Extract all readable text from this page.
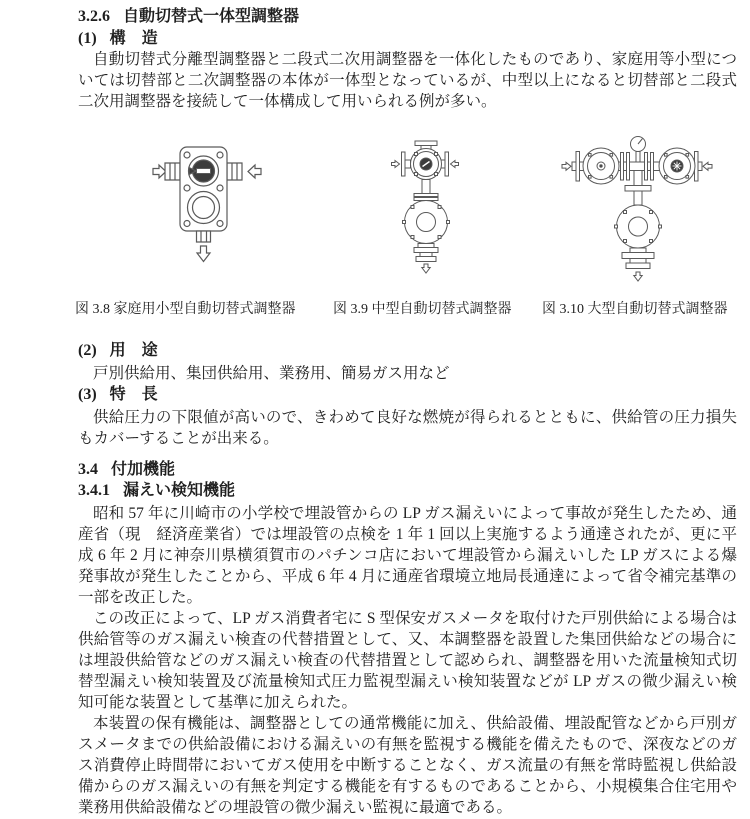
3.2.6 自動切替式一体型調整器
(1) 構　造

自動切替式分離型調整器と二段式二次用調整器を一体化したものであり、家庭用等小型については切替部と二次調整器の本体が一体型となっているが、中型以上になると切替部と二段式二次用調整器を接続して一体構成して用いられる例が多い。

図 3.8 家庭用小型自動切替式調整器	図 3.9 中型自動切替式調整器 図 3.10 大型自動切替式調整器
(2) 用　途

戸別供給用、集団供給用、業務用、簡易ガス用など

(3) 特　長

供給圧力の下限値が高いので、きわめて良好な燃焼が得られるとともに、供給管の圧力損失もカバーすることが出来る。

3.4 付加機能
3.4.1 漏えい検知機能

昭和 57 年に川崎市の小学校で埋設管からの LP ガス漏えいによって事故が発生したため、通産省（現　経済産業省）では埋設管の点検を 1 年 1 回以上実施するよう通達されたが、更に平成 6 年 2 月に神奈川県横須賀市のパチンコ店において埋設管から漏えいした LP ガスによる爆発事故が発生したことから、平成 6 年 4 月に通産省環境立地局長通達によって省令補完基準の一部を改正した。

この改正によって、LP ガス消費者宅に S 型保安ガスメータを取付けた戸別供給による場合は供給管等のガス漏えい検査の代替措置として、又、本調整器を設置した集団供給などの場合には埋設供給管などのガス漏えい検査の代替措置として認められ、調整器を用いた流量検知式切替型漏えい検知装置及び流量検知式圧力監視型漏えい検知装置などが LP ガスの微少漏えい検知可能な装置として基準に加えられた。

本装置の保有機能は、調整器としての通常機能に加え、供給設備、埋設配管などから戸別ガスメータまでの供給設備における漏えいの有無を監視する機能を備えたもので、深夜などのガス消費停止時間帯においてガス使用を中断することなく、ガス流量の有無を常時監視し供給設備からのガス漏えいの有無を判定する機能を有するものであることから、小規模集合住宅用や業務用供給設備などの埋設管の微少漏えい監視に最適である。
